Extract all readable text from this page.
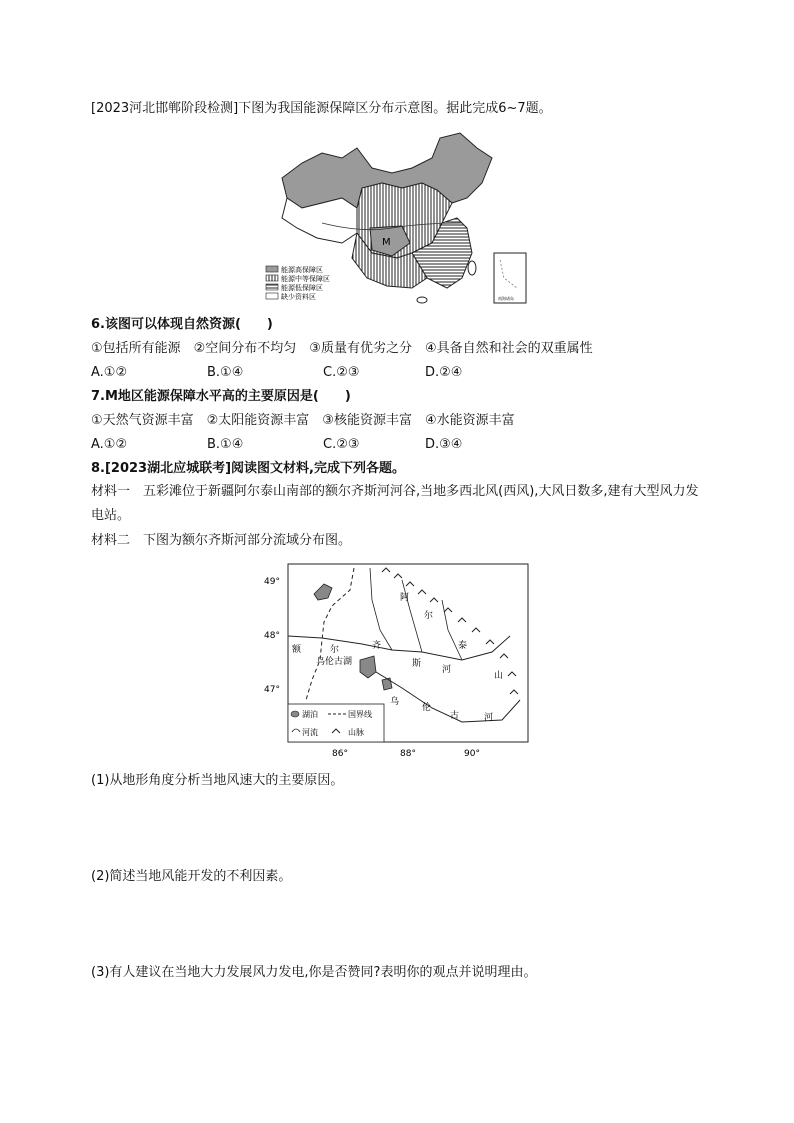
[2023河北邯郸阶段检测]下图为我国能源保障区分布示意图。据此完成6~7题。
M
南海诸岛
能源高保障区
能源中等保障区
能源低保障区
缺少资料区
6.该图可以体现自然资源(　　)
①包括所有能源　②空间分布不均匀　③质量有优劣之分　④具备自然和社会的双重属性
A.①②	B.①④	C.②③	D.②④
7.M地区能源保障水平高的主要原因是(　　)
①天然气资源丰富　②太阳能资源丰富　③核能资源丰富　④水能资源丰富
A.①②	B.①④	C.②③	D.③④
8.[2023湖北应城联考]阅读图文材料,完成下列各题。
材料一　五彩滩位于新疆阿尔泰山南部的额尔齐斯河河谷,当地多西北风(西风),大风日数多,建有大型风力发电站。
材料二　下图为额尔齐斯河部分流域分布图。
49°
48°
47°
86°	88°	90°
阿
尔
泰
山
额	尔	齐
斯
河
乌
伦
古	河
乌伦古湖
湖泊	国界线
河流	山脉
(1)从地形角度分析当地风速大的主要原因。
(2)简述当地风能开发的不利因素。
(3)有人建议在当地大力发展风力发电,你是否赞同?表明你的观点并说明理由。
